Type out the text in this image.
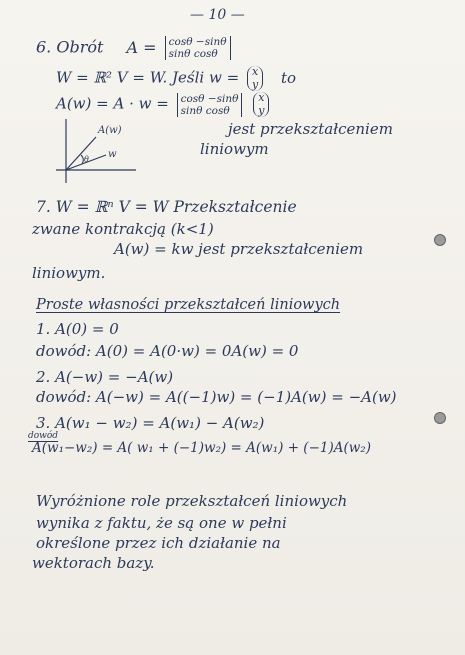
— 10 —
6. Obrót A = cosθ −sinθ
sinθ cosθ
W = ℝ² V = W. Jeśli w = x
y to
A(w) = A · w = cosθ −sinθ
sinθ cosθ

x
y
jest przekształceniem
liniowym
A(w)
w
θ
7. W = ℝⁿ V = W Przekształcenie
zwane kontrakcją (k<1)
A(w) = kw jest przekształceniem
liniowym.
Proste własności przekształceń liniowych
1. A(0) = 0
dowód: A(0) = A(0·w) = 0A(w) = 0
2. A(−w) = −A(w)
dowód: A(−w) = A((−1)w) = (−1)A(w) = −A(w)
3. A(w₁ − w₂) = A(w₁) − A(w₂)
dowód
A(w₁−w₂) = A( w₁ + (−1)w₂) = A(w₁) + (−1)A(w₂)
Wyróżnione role przekształceń liniowych
wynika z faktu, że są one w pełni
określone przez ich działanie na
wektorach bazy.
